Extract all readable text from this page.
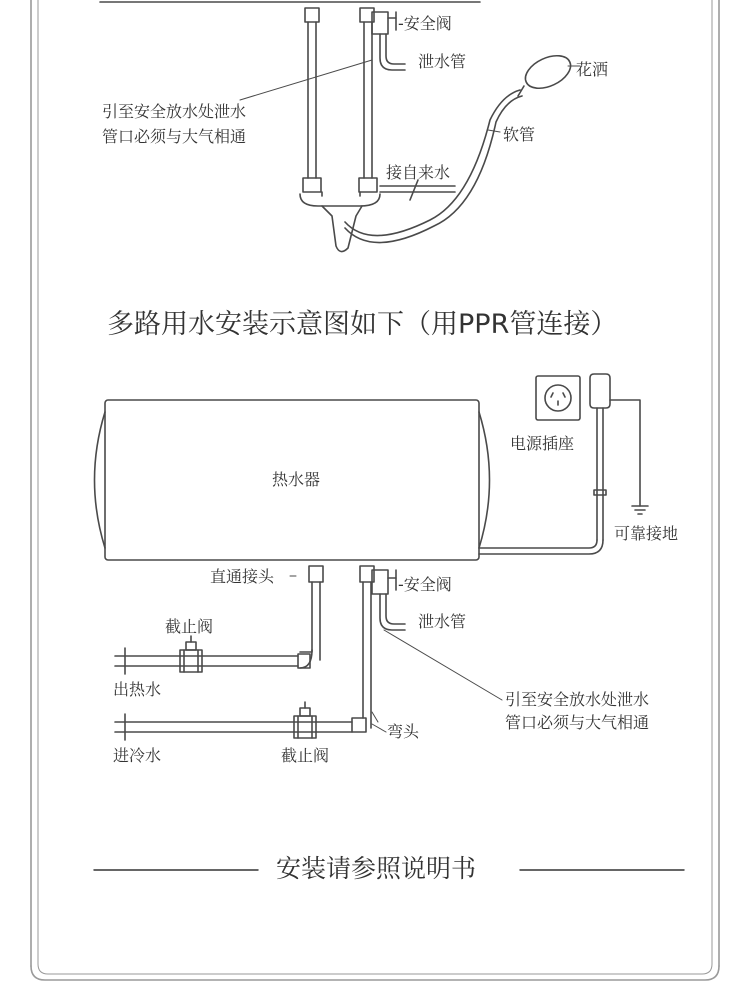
-安全阀
泄水管	花洒
软管
引至安全放水处泄水
管口必须与大气相通
接自来水
多路用水安装示意图如下（用PPR管连接）
热水器
电源插座
可靠接地
直通接头	-安全阀
泄水管
截止阀
出热水
引至安全放水处泄水
管口必须与大气相通
弯头
进冷水	截止阀
安装请参照说明书
